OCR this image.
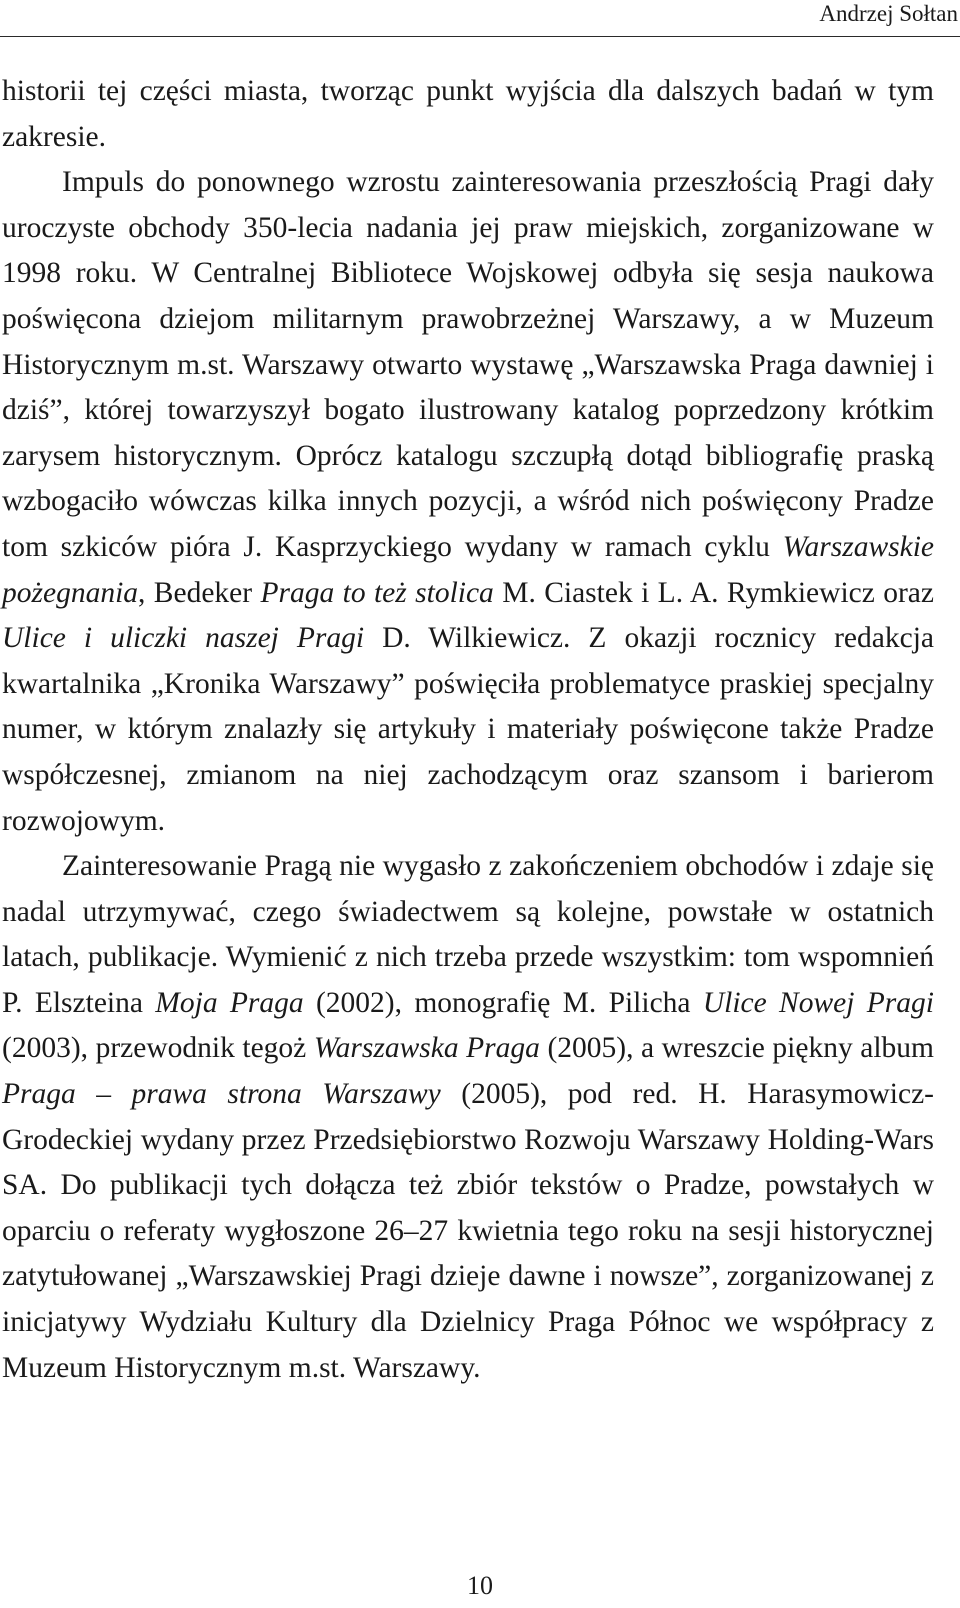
Andrzej Sołtan

historii tej części miasta, tworząc punkt wyjścia dla dalszych badań w tym zakresie.

Impuls do ponownego wzrostu zainteresowania przeszłością Pragi dały uroczyste obchody 350-lecia nadania jej praw miejskich, zorganizowane w 1998 roku. W Centralnej Bibliotece Wojskowej odbyła się sesja naukowa poświęcona dziejom militarnym prawobrzeżnej Warszawy, a w Muzeum Historycznym m.st. Warszawy otwarto wystawę „Warszawska Praga dawniej i dziś”, której towarzyszył bogato ilustrowany katalog poprzedzony krótkim zarysem historycznym. Oprócz katalogu szczupłą dotąd bibliografię praską wzbogaciło wówczas kilka innych pozycji, a wśród nich poświęcony Pradze tom szkiców pióra J. Kasprzyckiego wydany w ramach cyklu Warszawskie pożegnania, Bedeker Praga to też stolica M. Ciastek i L. A. Rymkiewicz oraz Ulice i uliczki naszej Pragi D. Wilkiewicz. Z okazji rocznicy redakcja kwartalnika „Kronika Warszawy” poświęciła problematyce praskiej specjalny numer, w którym znalazły się artykuły i materiały poświęcone także Pradze współczesnej, zmianom na niej zachodzącym oraz szansom i barierom rozwojowym.

Zainteresowanie Pragą nie wygasło z zakończeniem obchodów i zdaje się nadal utrzymywać, czego świadectwem są kolejne, powstałe w ostatnich latach, publikacje. Wymienić z nich trzeba przede wszystkim: tom wspomnień P. Elszteina Moja Praga (2002), monografię M. Pilicha Ulice Nowej Pragi (2003), przewodnik tegoż Warszawska Praga (2005), a wreszcie piękny album Praga – prawa strona Warszawy (2005), pod red. H. Harasymowicz-Grodeckiej wydany przez Przedsiębiorstwo Rozwoju Warszawy Holding-Wars SA. Do publikacji tych dołącza też zbiór tekstów o Pradze, powstałych w oparciu o referaty wygłoszone 26–27 kwietnia tego roku na sesji historycznej zatytułowanej „Warszawskiej Pragi dzieje dawne i nowsze”, zorganizowanej z inicjatywy Wydziału Kultury dla Dzielnicy Praga Północ we współpracy z Muzeum Historycznym m.st. Warszawy.

10
